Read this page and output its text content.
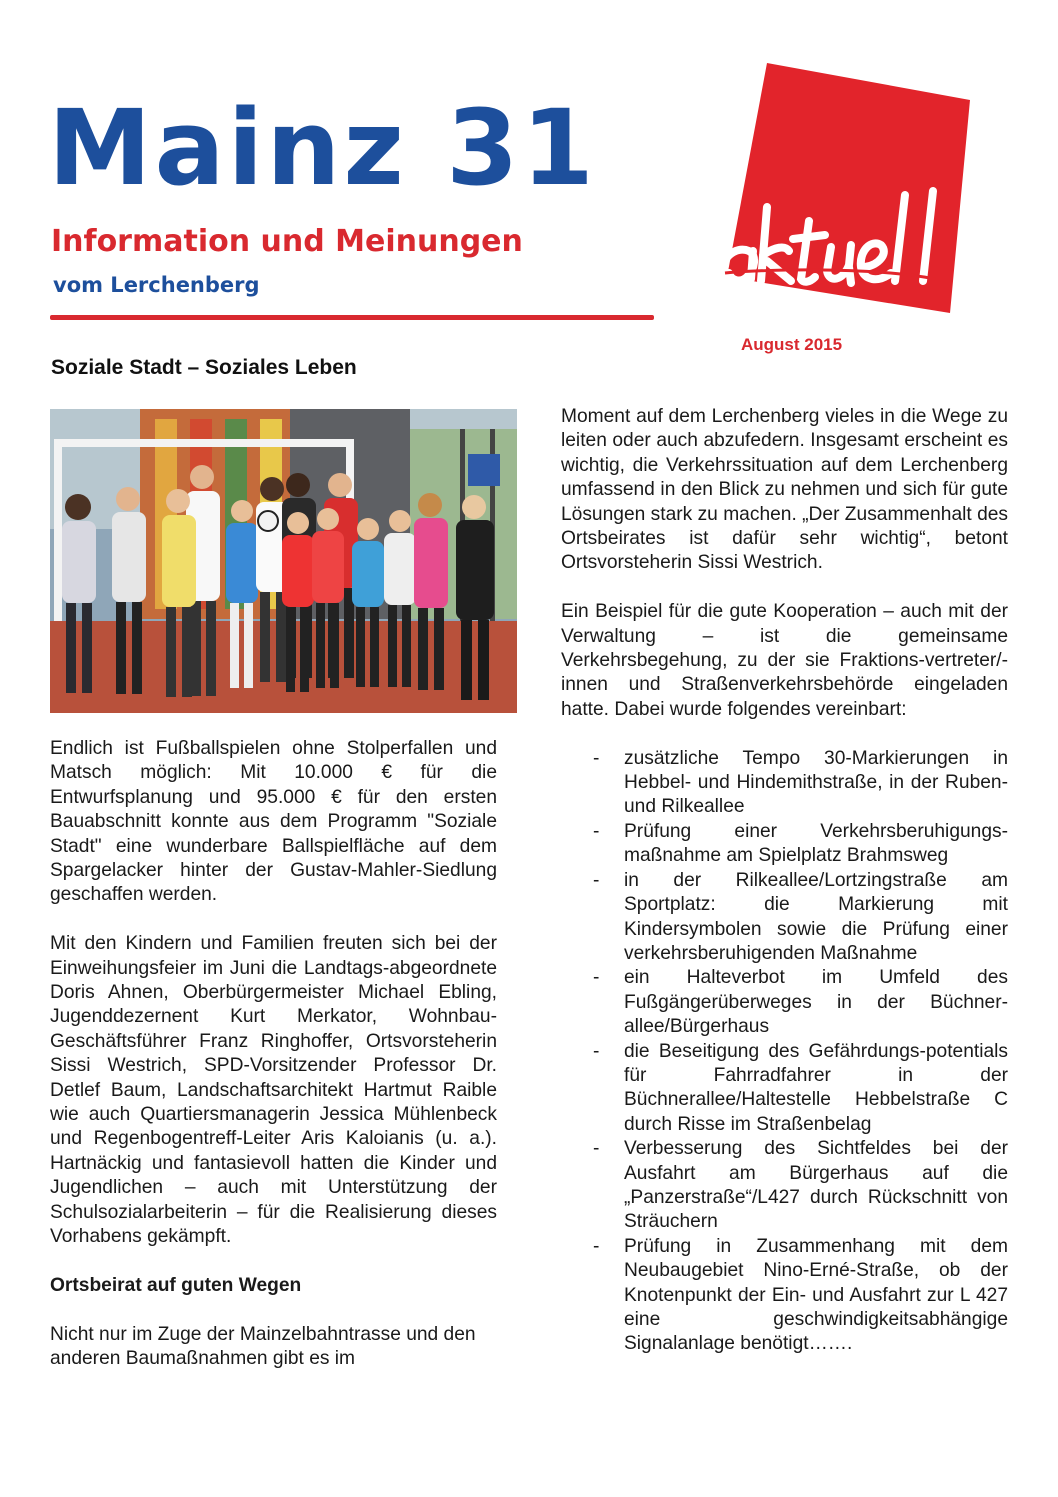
Mainz 31
Information und Meinungen
vom Lerchenberg
August 2015
Soziale Stadt – Soziales Leben

Endlich ist Fußballspielen ohne Stolperfallen und Matsch möglich: Mit 10.000 € für die Entwurfsplanung und 95.000 € für den ersten Bauabschnitt konnte aus dem Programm "Soziale Stadt" eine wunderbare Ballspielfläche auf dem Spargelacker hinter der Gustav-Mahler-Siedlung geschaffen werden.

Mit den Kindern und Familien freuten sich bei der Einweihungsfeier im Juni die Landtags-abgeordnete Doris Ahnen, Oberbürgermeister Michael Ebling, Jugenddezernent Kurt Merkator, Wohnbau-Geschäftsführer Franz Ringhoffer, Ortsvorsteherin Sissi Westrich, SPD-Vorsitzender Professor Dr. Detlef Baum, Landschaftsarchitekt Hartmut Raible wie auch Quartiersmanagerin Jessica Mühlenbeck und Regenbogentreff-Leiter Aris Kaloianis (u. a.). Hartnäckig und fantasievoll hatten die Kinder und Jugendlichen – auch mit Unterstützung der Schulsozialarbeiterin – für die Realisierung dieses Vorhabens gekämpft.

Ortsbeirat auf guten Wegen

Nicht nur im Zuge der Mainzelbahntrasse und den anderen Baumaßnahmen gibt es im

Moment auf dem Lerchenberg vieles in die Wege zu leiten oder auch abzufedern. Insgesamt erscheint es wichtig, die Verkehrssituation auf dem Lerchenberg umfassend in den Blick zu nehmen und sich für gute Lösungen stark zu machen. „Der Zusammenhalt des Ortsbeirates ist dafür sehr wichtig“, betont Ortsvorsteherin Sissi Westrich.

Ein Beispiel für die gute Kooperation – auch mit der Verwaltung – ist die gemeinsame Verkehrsbegehung, zu der sie Fraktions-vertreter/-innen und Straßenverkehrsbehörde eingeladen hatte. Dabei wurde folgendes vereinbart:

- zusätzliche Tempo 30-Markierungen in Hebbel- und Hindemithstraße, in der Ruben- und Rilkeallee
- Prüfung einer Verkehrsberuhigungs-maßnahme am Spielplatz Brahmsweg
- in der Rilkeallee/Lortzingstraße am Sportplatz: die Markierung mit Kindersymbolen sowie die Prüfung einer verkehrsberuhigenden Maßnahme
- ein Halteverbot im Umfeld des Fußgängerüberweges in der Büchner-allee/Bürgerhaus
- die Beseitigung des Gefährdungs-potentials für Fahrradfahrer in der Büchnerallee/Haltestelle Hebbelstraße C durch Risse im Straßenbelag
- Verbesserung des Sichtfeldes bei der Ausfahrt am Bürgerhaus auf die „Panzerstraße“/L427 durch Rückschnitt von Sträuchern
- Prüfung in Zusammenhang mit dem Neubaugebiet Nino-Erné-Straße, ob der Knotenpunkt der Ein- und Ausfahrt zur L 427 eine geschwindigkeitsabhängige Signalanlage benötigt…….
